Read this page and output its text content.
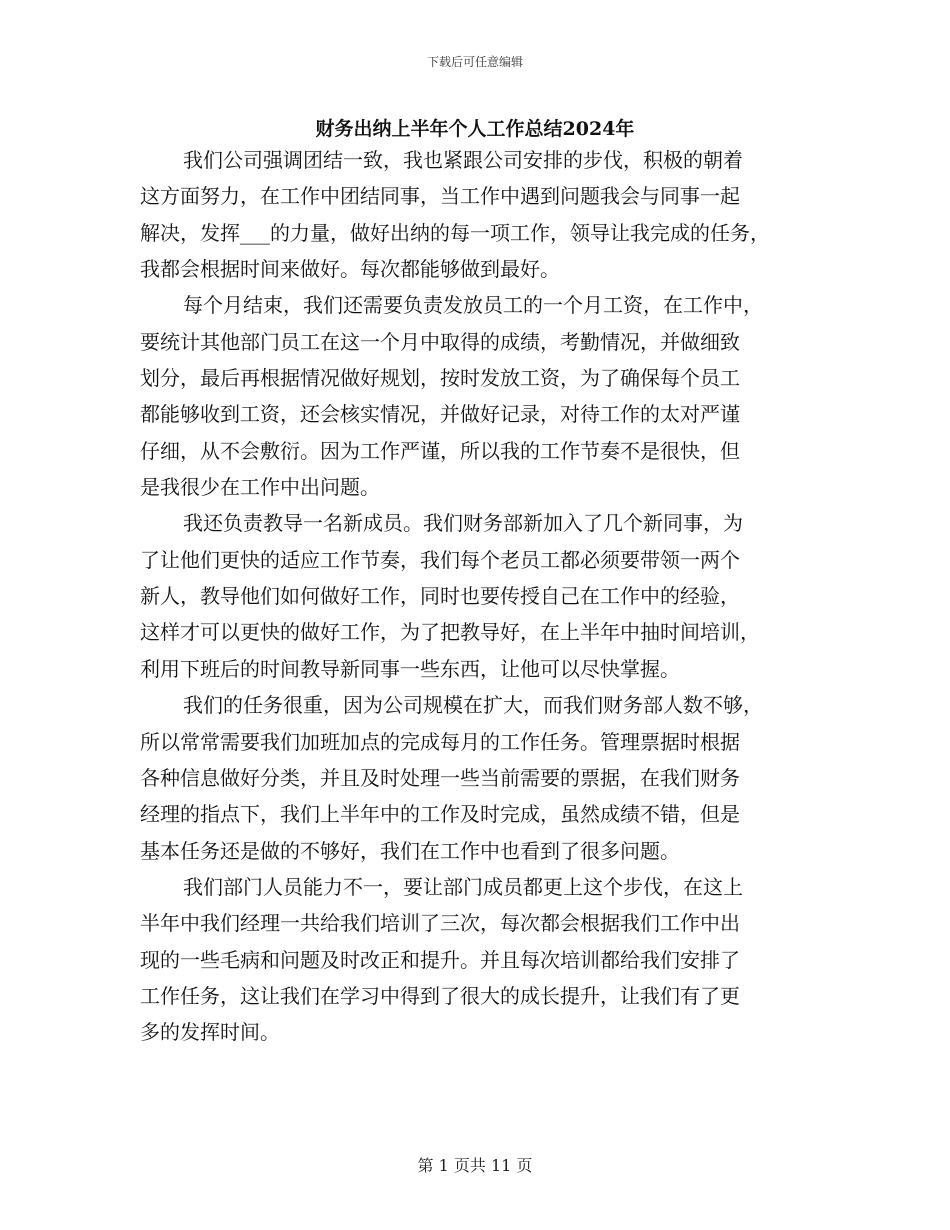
下载后可任意编辑
财务出纳上半年个人工作总结2024年
我们公司强调团结一致，我也紧跟公司安排的步伐，积极的朝着
这方面努力，在工作中团结同事，当工作中遇到问题我会与同事一起
解决，发挥___的力量，做好出纳的每一项工作，领导让我完成的任务，
我都会根据时间来做好。每次都能够做到最好。
每个月结束，我们还需要负责发放员工的一个月工资，在工作中，
要统计其他部门员工在这一个月中取得的成绩，考勤情况，并做细致
划分，最后再根据情况做好规划，按时发放工资，为了确保每个员工
都能够收到工资，还会核实情况，并做好记录，对待工作的太对严谨
仔细，从不会敷衍。因为工作严谨，所以我的工作节奏不是很快，但
是我很少在工作中出问题。
我还负责教导一名新成员。我们财务部新加入了几个新同事，为
了让他们更快的适应工作节奏，我们每个老员工都必须要带领一两个
新人，教导他们如何做好工作，同时也要传授自己在工作中的经验，
这样才可以更快的做好工作，为了把教导好，在上半年中抽时间培训，
利用下班后的时间教导新同事一些东西，让他可以尽快掌握。
我们的任务很重，因为公司规模在扩大，而我们财务部人数不够，
所以常常需要我们加班加点的完成每月的工作任务。管理票据时根据
各种信息做好分类，并且及时处理一些当前需要的票据，在我们财务
经理的指点下，我们上半年中的工作及时完成，虽然成绩不错，但是
基本任务还是做的不够好，我们在工作中也看到了很多问题。
我们部门人员能力不一，要让部门成员都更上这个步伐，在这上
半年中我们经理一共给我们培训了三次，每次都会根据我们工作中出
现的一些毛病和问题及时改正和提升。并且每次培训都给我们安排了
工作任务，这让我们在学习中得到了很大的成长提升，让我们有了更
多的发挥时间。
第 1 页共 11 页
